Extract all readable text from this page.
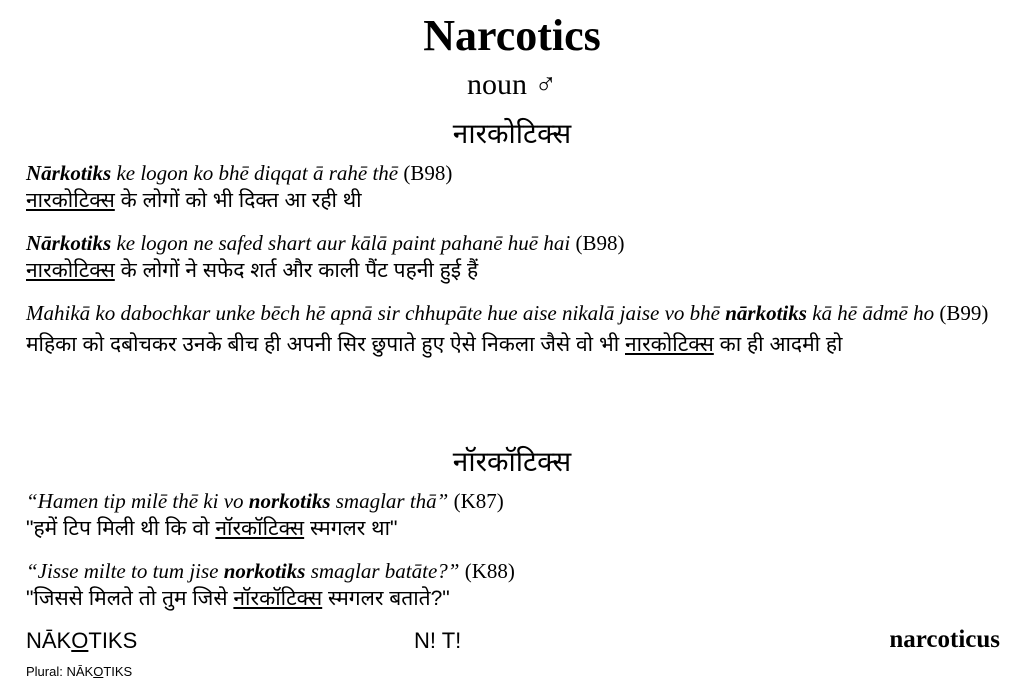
Narcotics
noun ♂
नारकोटिक्स
Nārkotiks ke logon ko bhē diqqat ā rahē thē (B98)
नारकोटिक्स के लोगों को भी दिक्त आ रही थी
Nārkotiks ke logon ne safed shart aur kālā paint pahanē huē hai (B98)
नारकोटिक्स के लोगों ने सफेद शर्त और काली पैंट पहनी हुई हैं
Mahikā ko dabochkar unke bēch hē apnā sir chhupāte hue aise nikalā jaise vo bhē nārkotiks kā hē ādmē ho (B99)
महिका को दबोचकर उनके बीच ही अपनी सिर छुपाते हुए ऐसे निकला जैसे वो भी नारकोटिक्स का ही आदमी हो
नॉरकॉटिक्स
“Hamen tip milē thē ki vo norkotiks smaglar thā” (K87)
"हमें टिप मिली थी कि वो नॉरकॉटिक्स स्मगलर था"
“Jisse milte to tum jise norkotiks smaglar batāte?” (K88)
"जिससे मिलते तो तुम जिसे नॉरकॉटिक्स स्मगलर बताते?"
NĀKOTIKS
Plural: NĀKOTIKS
N! T!	narcoticus
